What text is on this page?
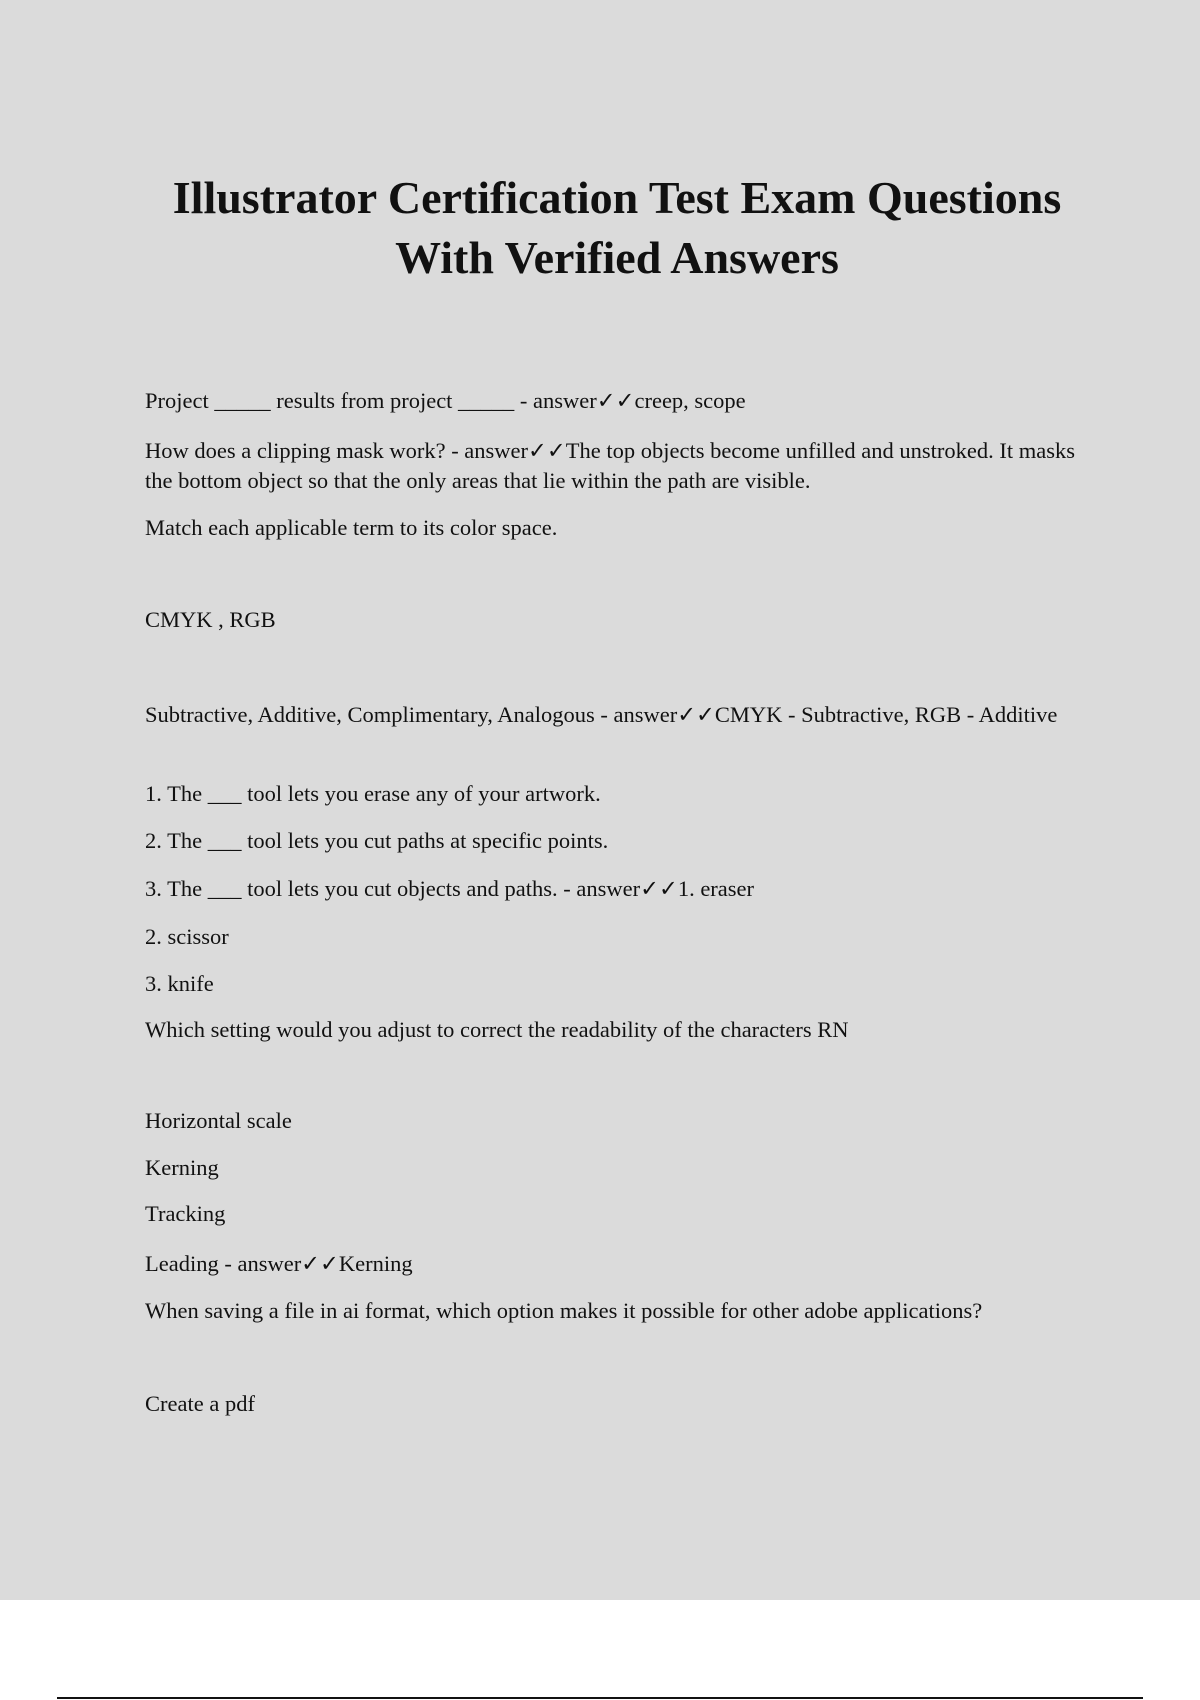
Illustrator Certification Test Exam Questions
With Verified Answers

Project _____ results from project _____ - answer✓✓creep, scope

How does a clipping mask work? - answer✓✓The top objects become unfilled and unstroked. It masks the bottom object so that the only areas that lie within the path are visible.

Match each applicable term to its color space.

CMYK , RGB

Subtractive, Additive, Complimentary, Analogous - answer✓✓CMYK - Subtractive, RGB - Additive

1. The ___ tool lets you erase any of your artwork.

2. The ___ tool lets you cut paths at specific points.

3. The ___ tool lets you cut objects and paths. - answer✓✓1. eraser

2. scissor

3. knife

Which setting would you adjust to correct the readability of the characters RN

Horizontal scale

Kerning

Tracking

Leading - answer✓✓Kerning

When saving a file in ai format, which option makes it possible for other adobe applications?

Create a pdf
